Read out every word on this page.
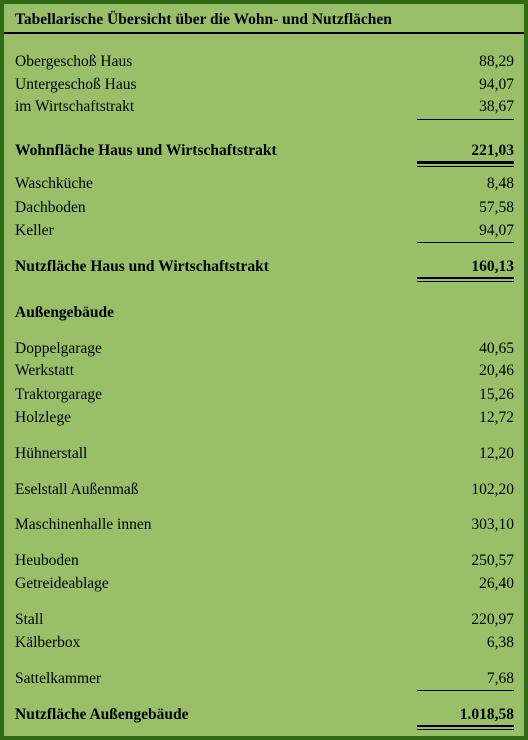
Tabellarische Übersicht über die Wohn- und Nutzflächen
Obergeschoß Haus	88,29
Untergeschoß Haus	94,07
im Wirtschaftstrakt	38,67
Wohnfläche Haus und Wirtschaftstrakt	221,03
Waschküche	8,48
Dachboden	57,58
Keller	94,07
Nutzfläche Haus und Wirtschaftstrakt	160,13
Außengebäude
Doppelgarage	40,65
Werkstatt	20,46
Traktorgarage	15,26
Holzlege	12,72
Hühnerstall	12,20
Eselstall Außenmaß	102,20
Maschinenhalle innen	303,10
Heuboden	250,57
Getreideablage	26,40
Stall	220,97
Kälberbox	6,38
Sattelkammer	7,68
Nutzfläche Außengebäude	1.018,58
